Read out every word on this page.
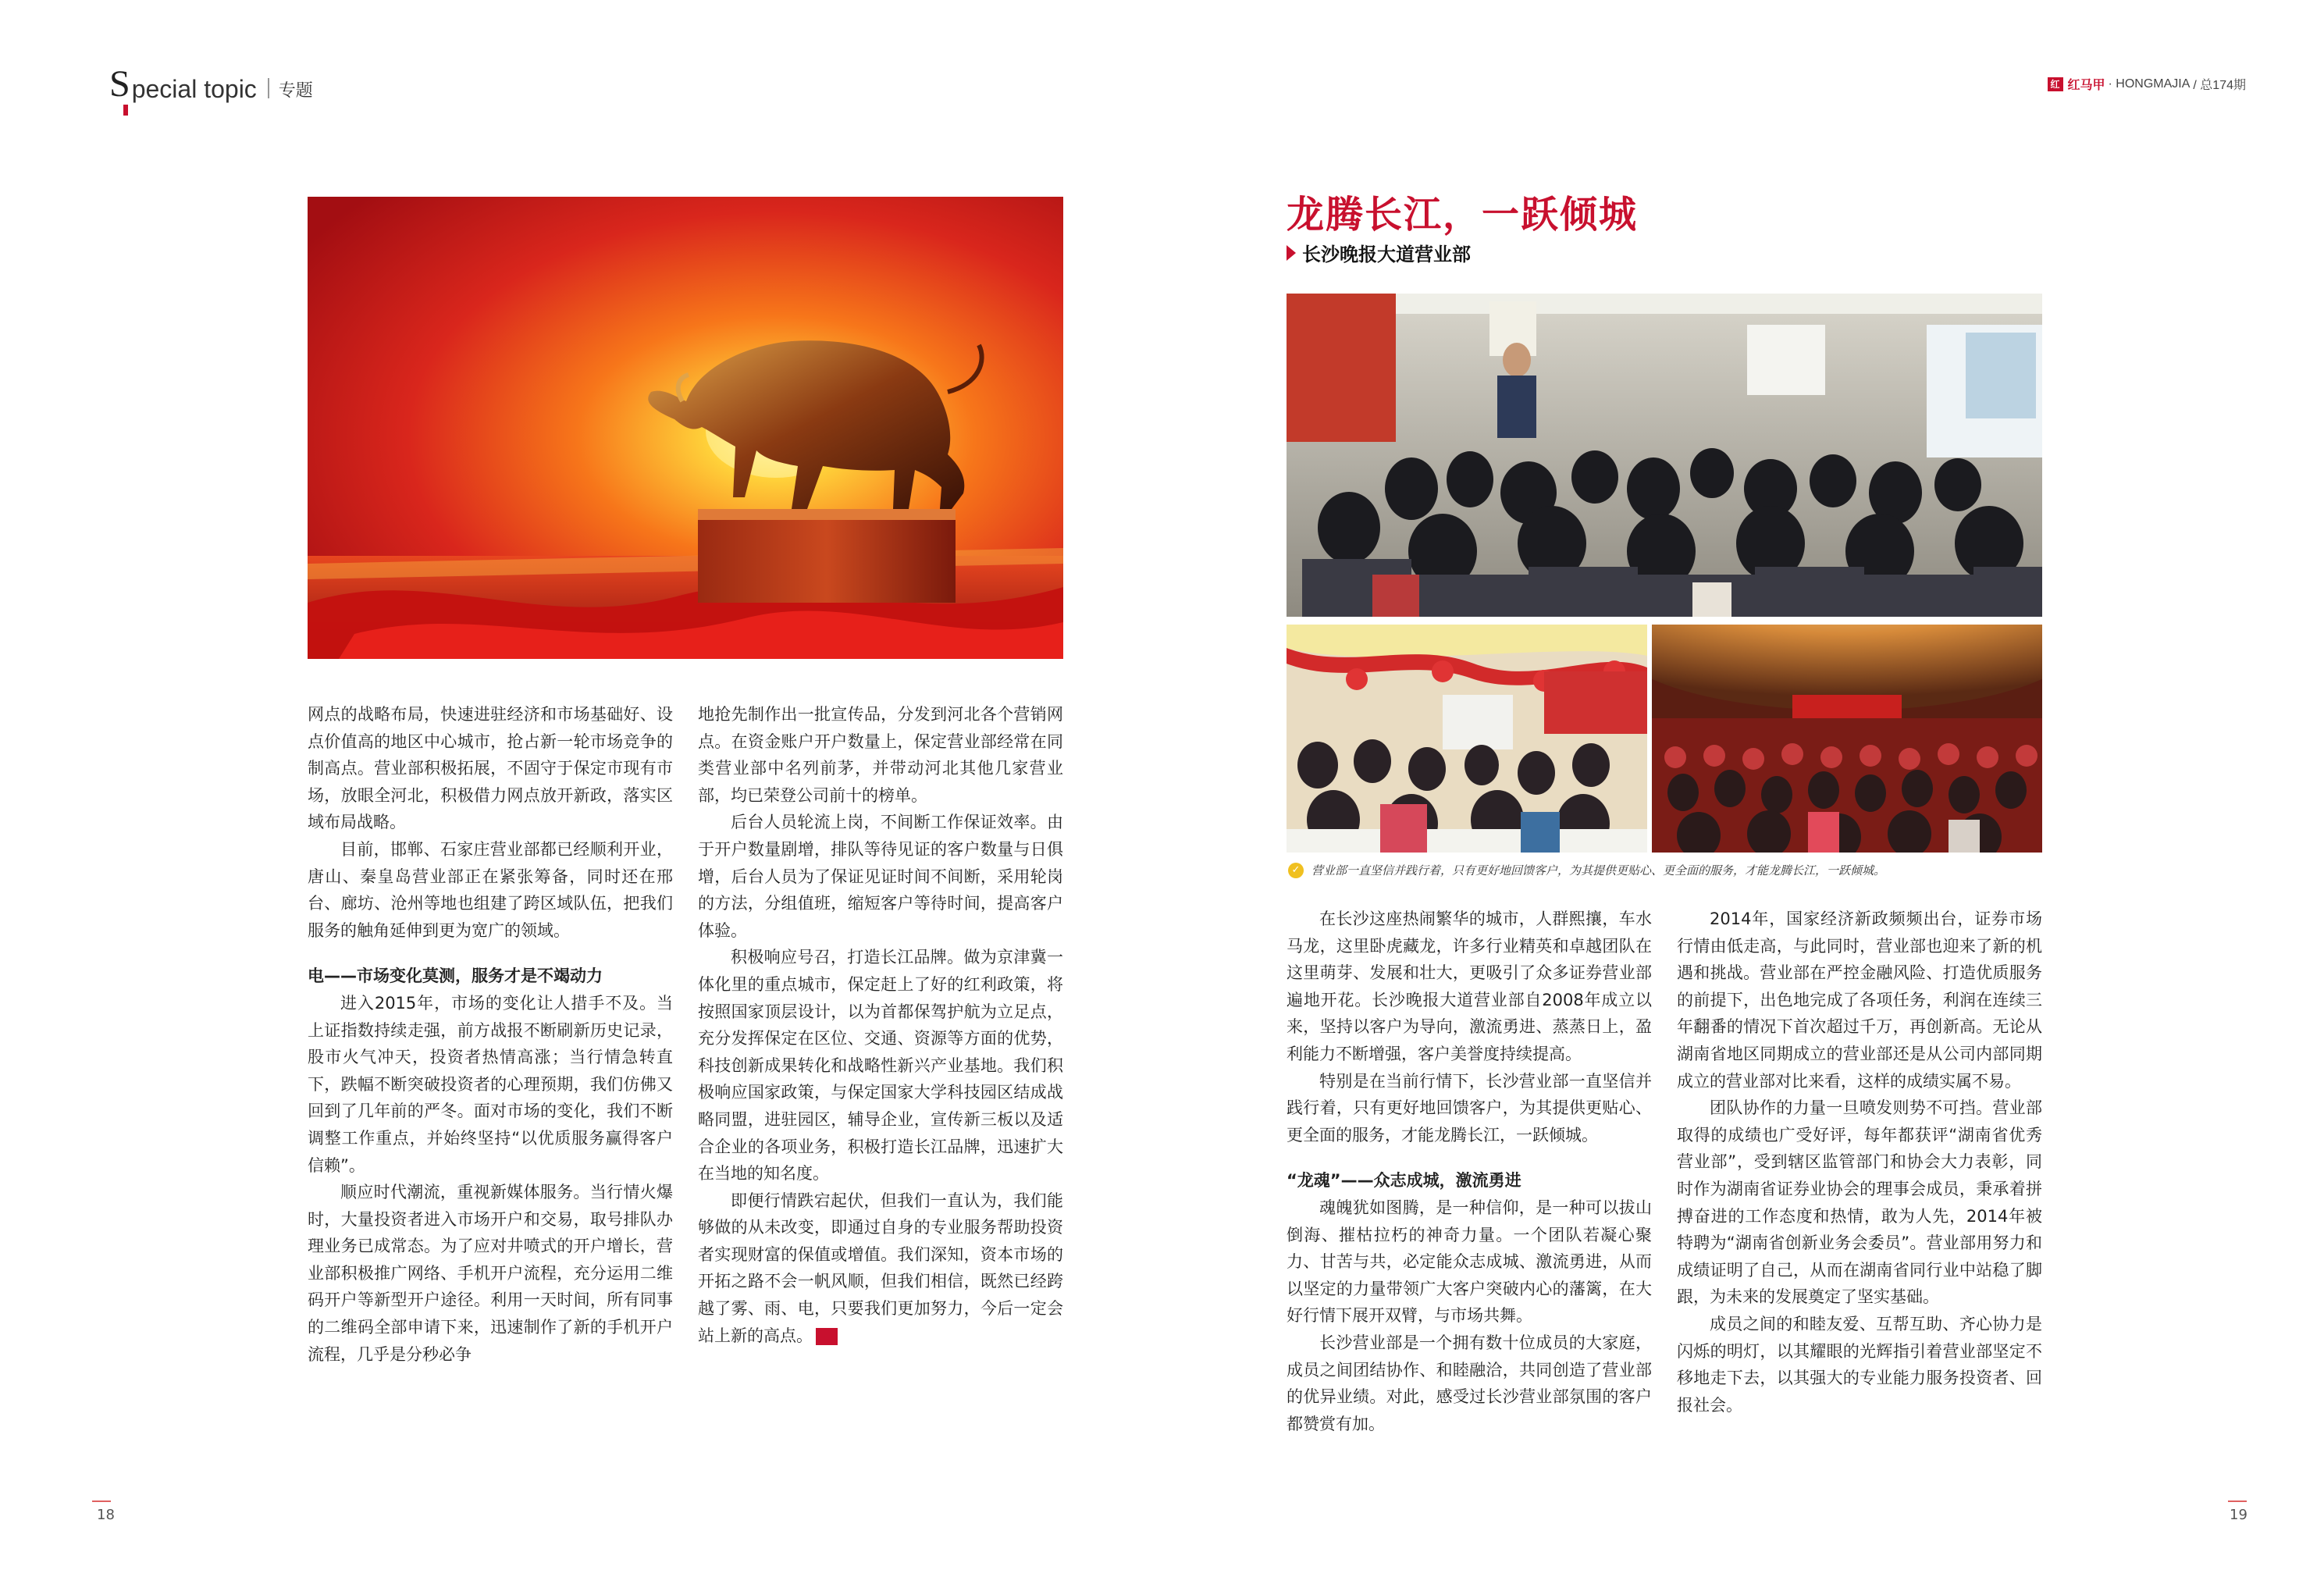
S pecial topic 专题	红 红马甲 · HONGMAJIA / 总174期

网点的战略布局，快速进驻经济和市场基础好、设点价值高的地区中心城市，抢占新一轮市场竞争的制高点。营业部积极拓展，不固守于保定市现有市场，放眼全河北，积极借力网点放开新政，落实区域布局战略。

目前，邯郸、石家庄营业部都已经顺利开业，唐山、秦皇岛营业部正在紧张筹备，同时还在邢台、廊坊、沧州等地也组建了跨区域队伍，把我们服务的触角延伸到更为宽广的领域。

电——市场变化莫测，服务才是不竭动力

进入2015年，市场的变化让人措手不及。当上证指数持续走强，前方战报不断刷新历史记录，股市火气冲天，投资者热情高涨；当行情急转直下，跌幅不断突破投资者的心理预期，我们仿佛又回到了几年前的严冬。面对市场的变化，我们不断调整工作重点，并始终坚持“以优质服务赢得客户信赖”。

顺应时代潮流，重视新媒体服务。当行情火爆时，大量投资者进入市场开户和交易，取号排队办理业务已成常态。为了应对井喷式的开户增长，营业部积极推广网络、手机开户流程，充分运用二维码开户等新型开户途径。利用一天时间，所有同事的二维码全部申请下来，迅速制作了新的手机开户流程，几乎是分秒必争

地抢先制作出一批宣传品，分发到河北各个营销网点。在资金账户开户数量上，保定营业部经常在同类营业部中名列前茅，并带动河北其他几家营业部，均已荣登公司前十的榜单。

后台人员轮流上岗，不间断工作保证效率。由于开户数量剧增，排队等待见证的客户数量与日俱增，后台人员为了保证见证时间不间断，采用轮岗的方法，分组值班，缩短客户等待时间，提高客户体验。

积极响应号召，打造长江品牌。做为京津冀一体化里的重点城市，保定赶上了好的红利政策，将按照国家顶层设计，以为首都保驾护航为立足点，充分发挥保定在区位、交通、资源等方面的优势，科技创新成果转化和战略性新兴产业基地。我们积极响应国家政策，与保定国家大学科技园区结成战略同盟，进驻园区，辅导企业，宣传新三板以及适合企业的各项业务，积极打造长江品牌，迅速扩大在当地的知名度。

即便行情跌宕起伏，但我们一直认为，我们能够做的从未改变，即通过自身的专业服务帮助投资者实现财富的保值或增值。我们深知，资本市场的开拓之路不会一帆风顺，但我们相信，既然已经跨越了雾、雨、电，只要我们更加努力，今后一定会站上新的高点。	红

龙腾长江，一跃倾城
长沙晚报大道营业部
✓ 营业部一直坚信并践行着，只有更好地回馈客户，为其提供更贴心、更全面的服务，才能龙腾长江，一跃倾城。

在长沙这座热闹繁华的城市，人群熙攘，车水马龙，这里卧虎藏龙，许多行业精英和卓越团队在这里萌芽、发展和壮大，更吸引了众多证券营业部遍地开花。长沙晚报大道营业部自2008年成立以来，坚持以客户为导向，激流勇进、蒸蒸日上，盈利能力不断增强，客户美誉度持续提高。

特别是在当前行情下，长沙营业部一直坚信并践行着，只有更好地回馈客户，为其提供更贴心、更全面的服务，才能龙腾长江，一跃倾城。

“龙魂”——众志成城，激流勇进

魂魄犹如图腾，是一种信仰，是一种可以拔山倒海、摧枯拉朽的神奇力量。一个团队若凝心聚力、甘苦与共，必定能众志成城、激流勇进，从而以坚定的力量带领广大客户突破内心的藩篱，在大好行情下展开双臂，与市场共舞。

长沙营业部是一个拥有数十位成员的大家庭，成员之间团结协作、和睦融洽，共同创造了营业部的优异业绩。对此，感受过长沙营业部氛围的客户都赞赏有加。

2014年，国家经济新政频频出台，证券市场行情由低走高，与此同时，营业部也迎来了新的机遇和挑战。营业部在严控金融风险、打造优质服务的前提下，出色地完成了各项任务，利润在连续三年翻番的情况下首次超过千万，再创新高。无论从湖南省地区同期成立的营业部还是从公司内部同期成立的营业部对比来看，这样的成绩实属不易。

团队协作的力量一旦喷发则势不可挡。营业部取得的成绩也广受好评，每年都获评“湖南省优秀营业部”，受到辖区监管部门和协会大力表彰，同时作为湖南省证券业协会的理事会成员，秉承着拼搏奋进的工作态度和热情，敢为人先，2014年被特聘为“湖南省创新业务会委员”。营业部用努力和成绩证明了自己，从而在湖南省同行业中站稳了脚跟，为未来的发展奠定了坚实基础。

成员之间的和睦友爱、互帮互助、齐心协力是闪烁的明灯，以其耀眼的光辉指引着营业部坚定不移地走下去，以其强大的专业能力服务投资者、回报社会。

18	19
